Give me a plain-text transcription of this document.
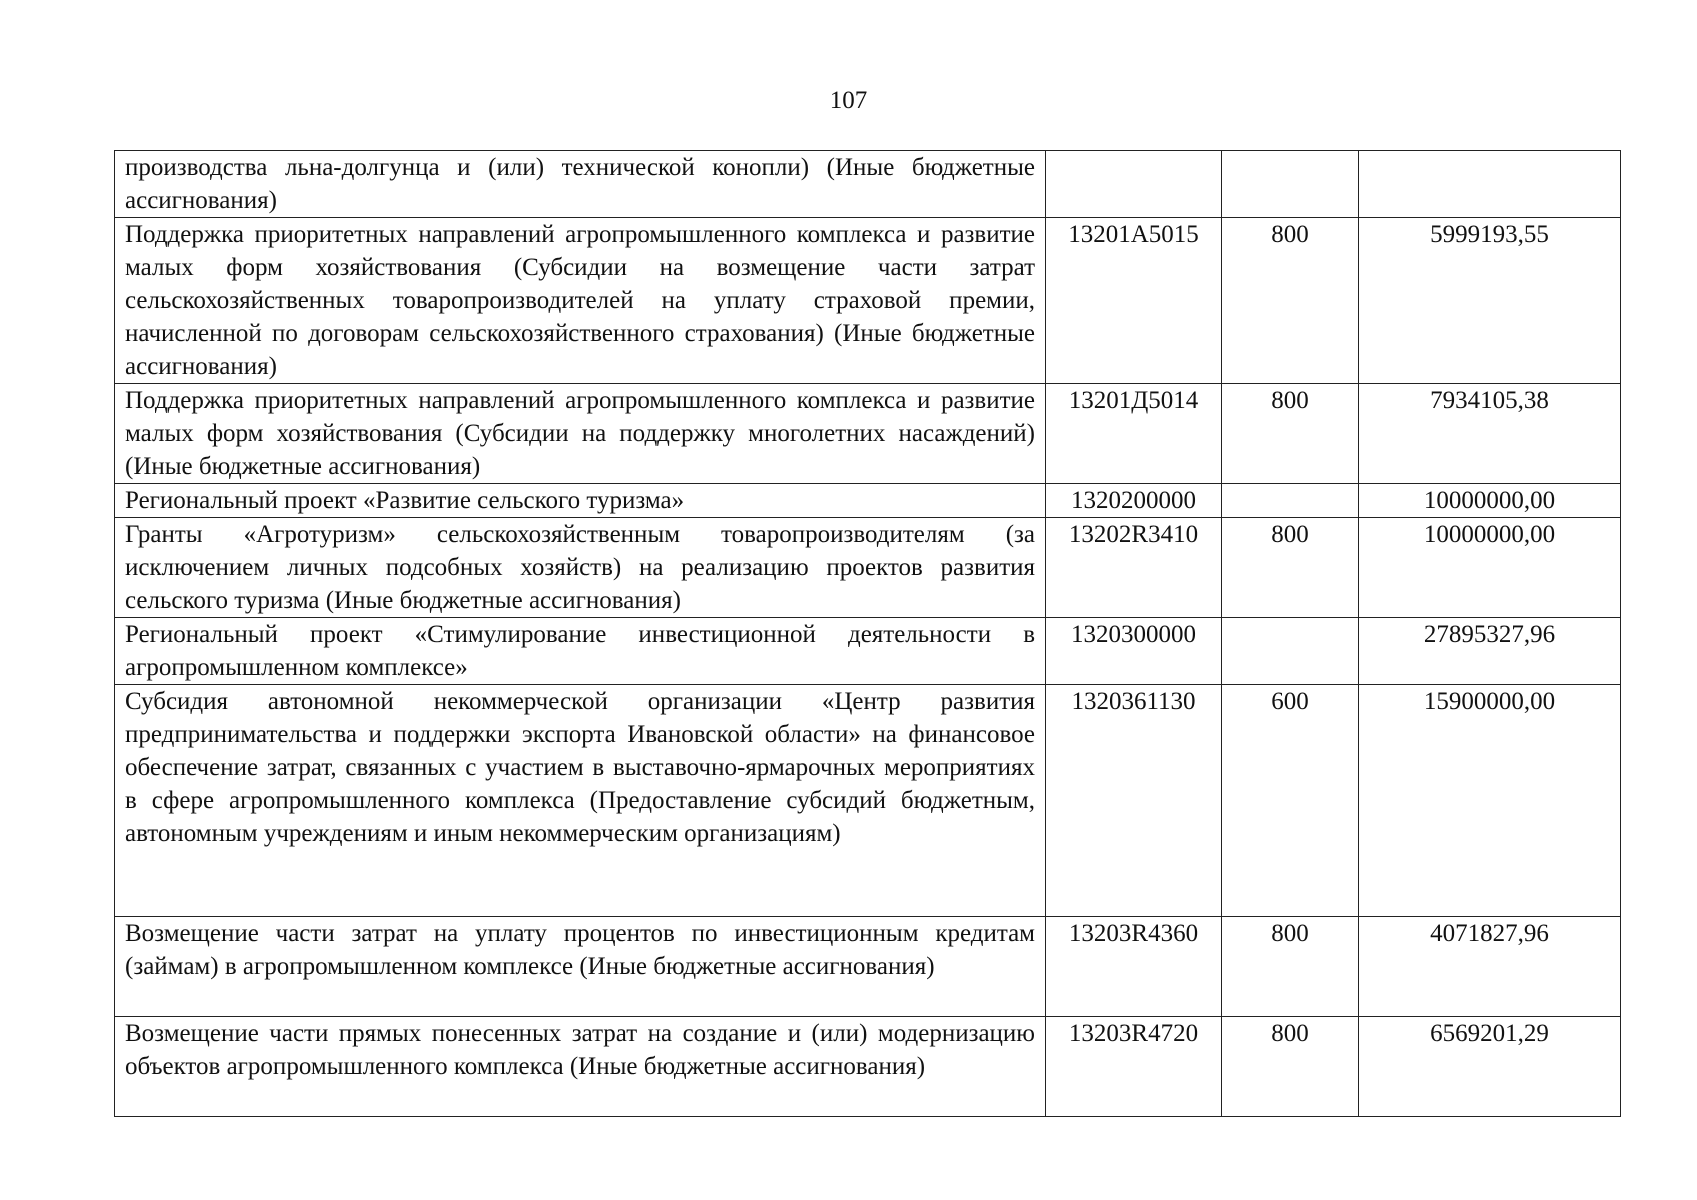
107
производства льна-долгунца и (или) технической конопли) (Иные бюджетные ассигнования)			
Поддержка приоритетных направлений агропромышленного комплекса и развитие малых форм хозяйствования (Субсидии на возмещение части затрат сельскохозяйственных товаропроизводителей на уплату страховой премии, начисленной по договорам сельскохозяйственного страхования) (Иные бюджетные ассигнования)	13201A5015	800	5999193,55
Поддержка приоритетных направлений агропромышленного комплекса и развитие малых форм хозяйствования (Субсидии на поддержку многолетних насаждений) (Иные бюджетные ассигнования)	13201Д5014	800	7934105,38
Региональный проект «Развитие сельского туризма»	1320200000		10000000,00
Гранты «Агротуризм» сельскохозяйственным товаропроизводителям (за исключением личных подсобных хозяйств) на реализацию проектов развития сельского туризма (Иные бюджетные ассигнования)	13202R3410	800	10000000,00
Региональный проект «Стимулирование инвестиционной деятельности в агропромышленном комплексе»	1320300000		27895327,96
Субсидия автономной некоммерческой организации «Центр развития предпринимательства и поддержки экспорта Ивановской области» на финансовое обеспечение затрат, связанных с участием в выставочно-ярмарочных мероприятиях в сфере агропромышленного комплекса (Предоставление субсидий бюджетным, автономным учреждениям и иным некоммерческим организациям)	1320361130	600	15900000,00
Возмещение части затрат на уплату процентов по инвестиционным кредитам (займам) в агропромышленном комплексе (Иные бюджетные ассигнования)	13203R4360	800	4071827,96
Возмещение части прямых понесенных затрат на создание и (или) модернизацию объектов агропромышленного комплекса (Иные бюджетные ассигнования)	13203R4720	800	6569201,29
